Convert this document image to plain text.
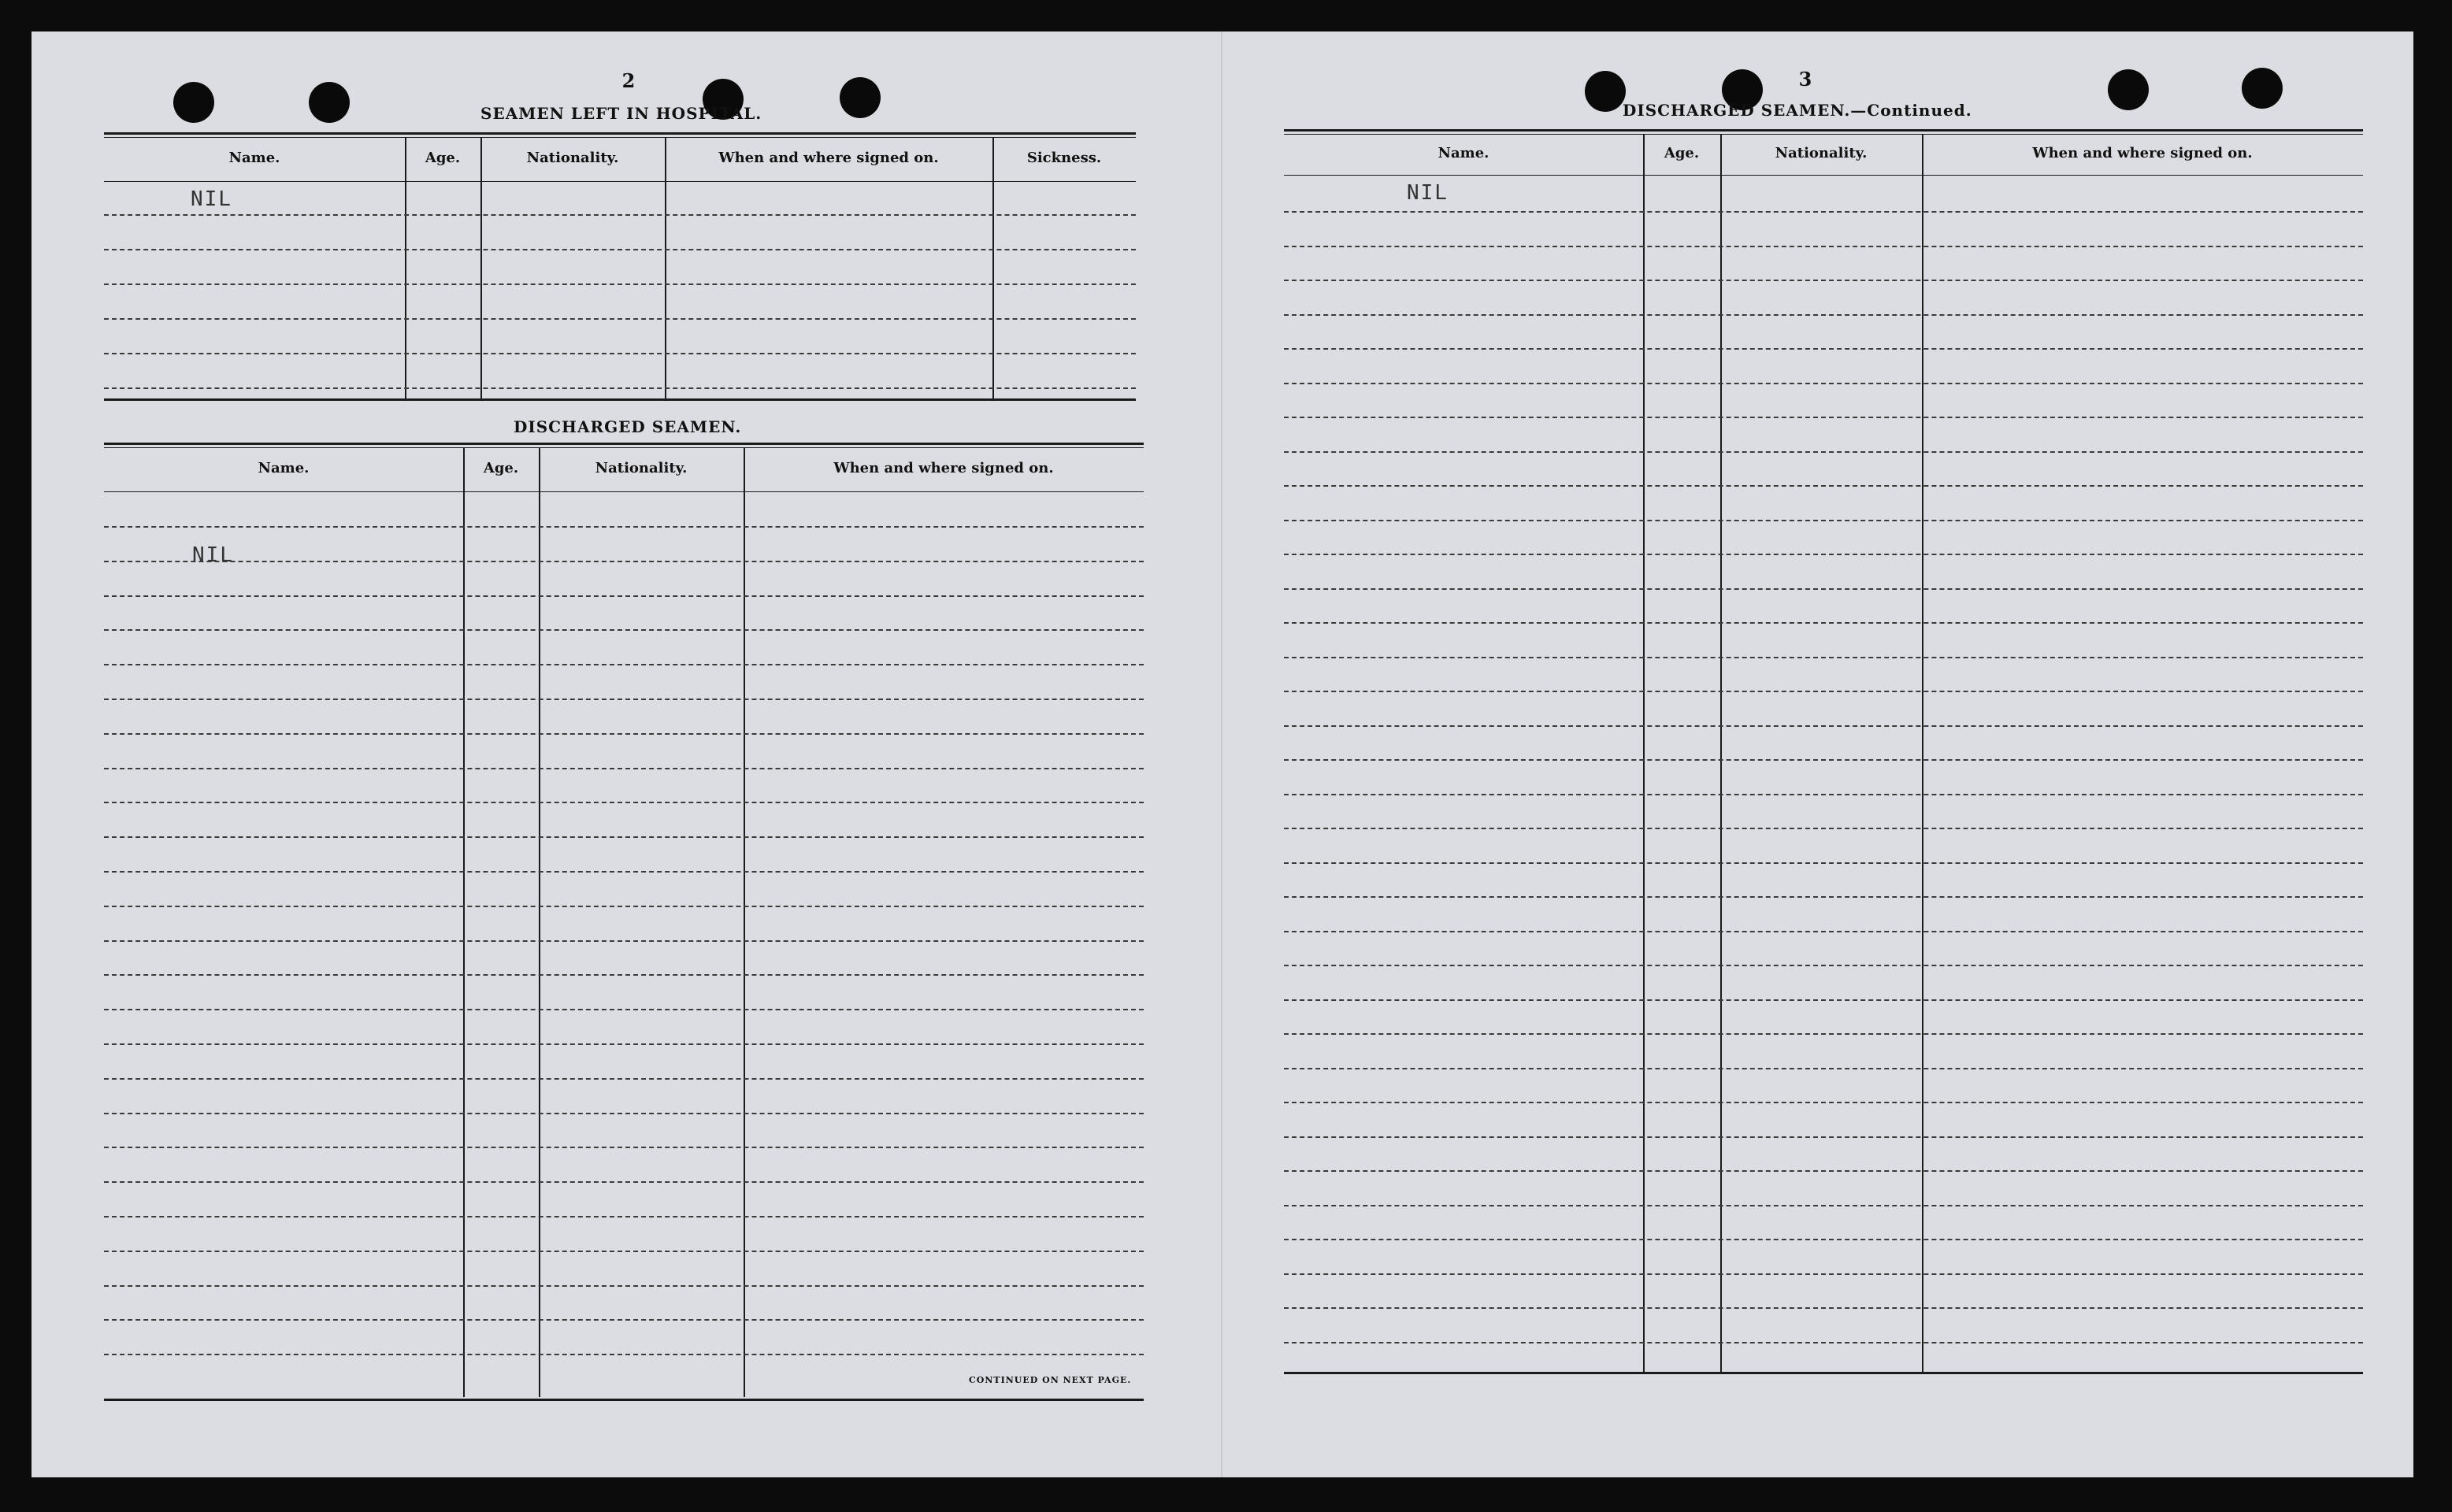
2
SEAMEN LEFT IN HOSPITAL.
Name.	Age.	Nationality.	When and where signed on.	Sickness.
NIL
DISCHARGED SEAMEN.
Name.	Age.	Nationality.	When and where signed on.
NIL
CONTINUED ON NEXT PAGE.
3
DISCHARGED SEAMEN.—Continued.
Name.	Age.	Nationality.	When and where signed on.
NIL
